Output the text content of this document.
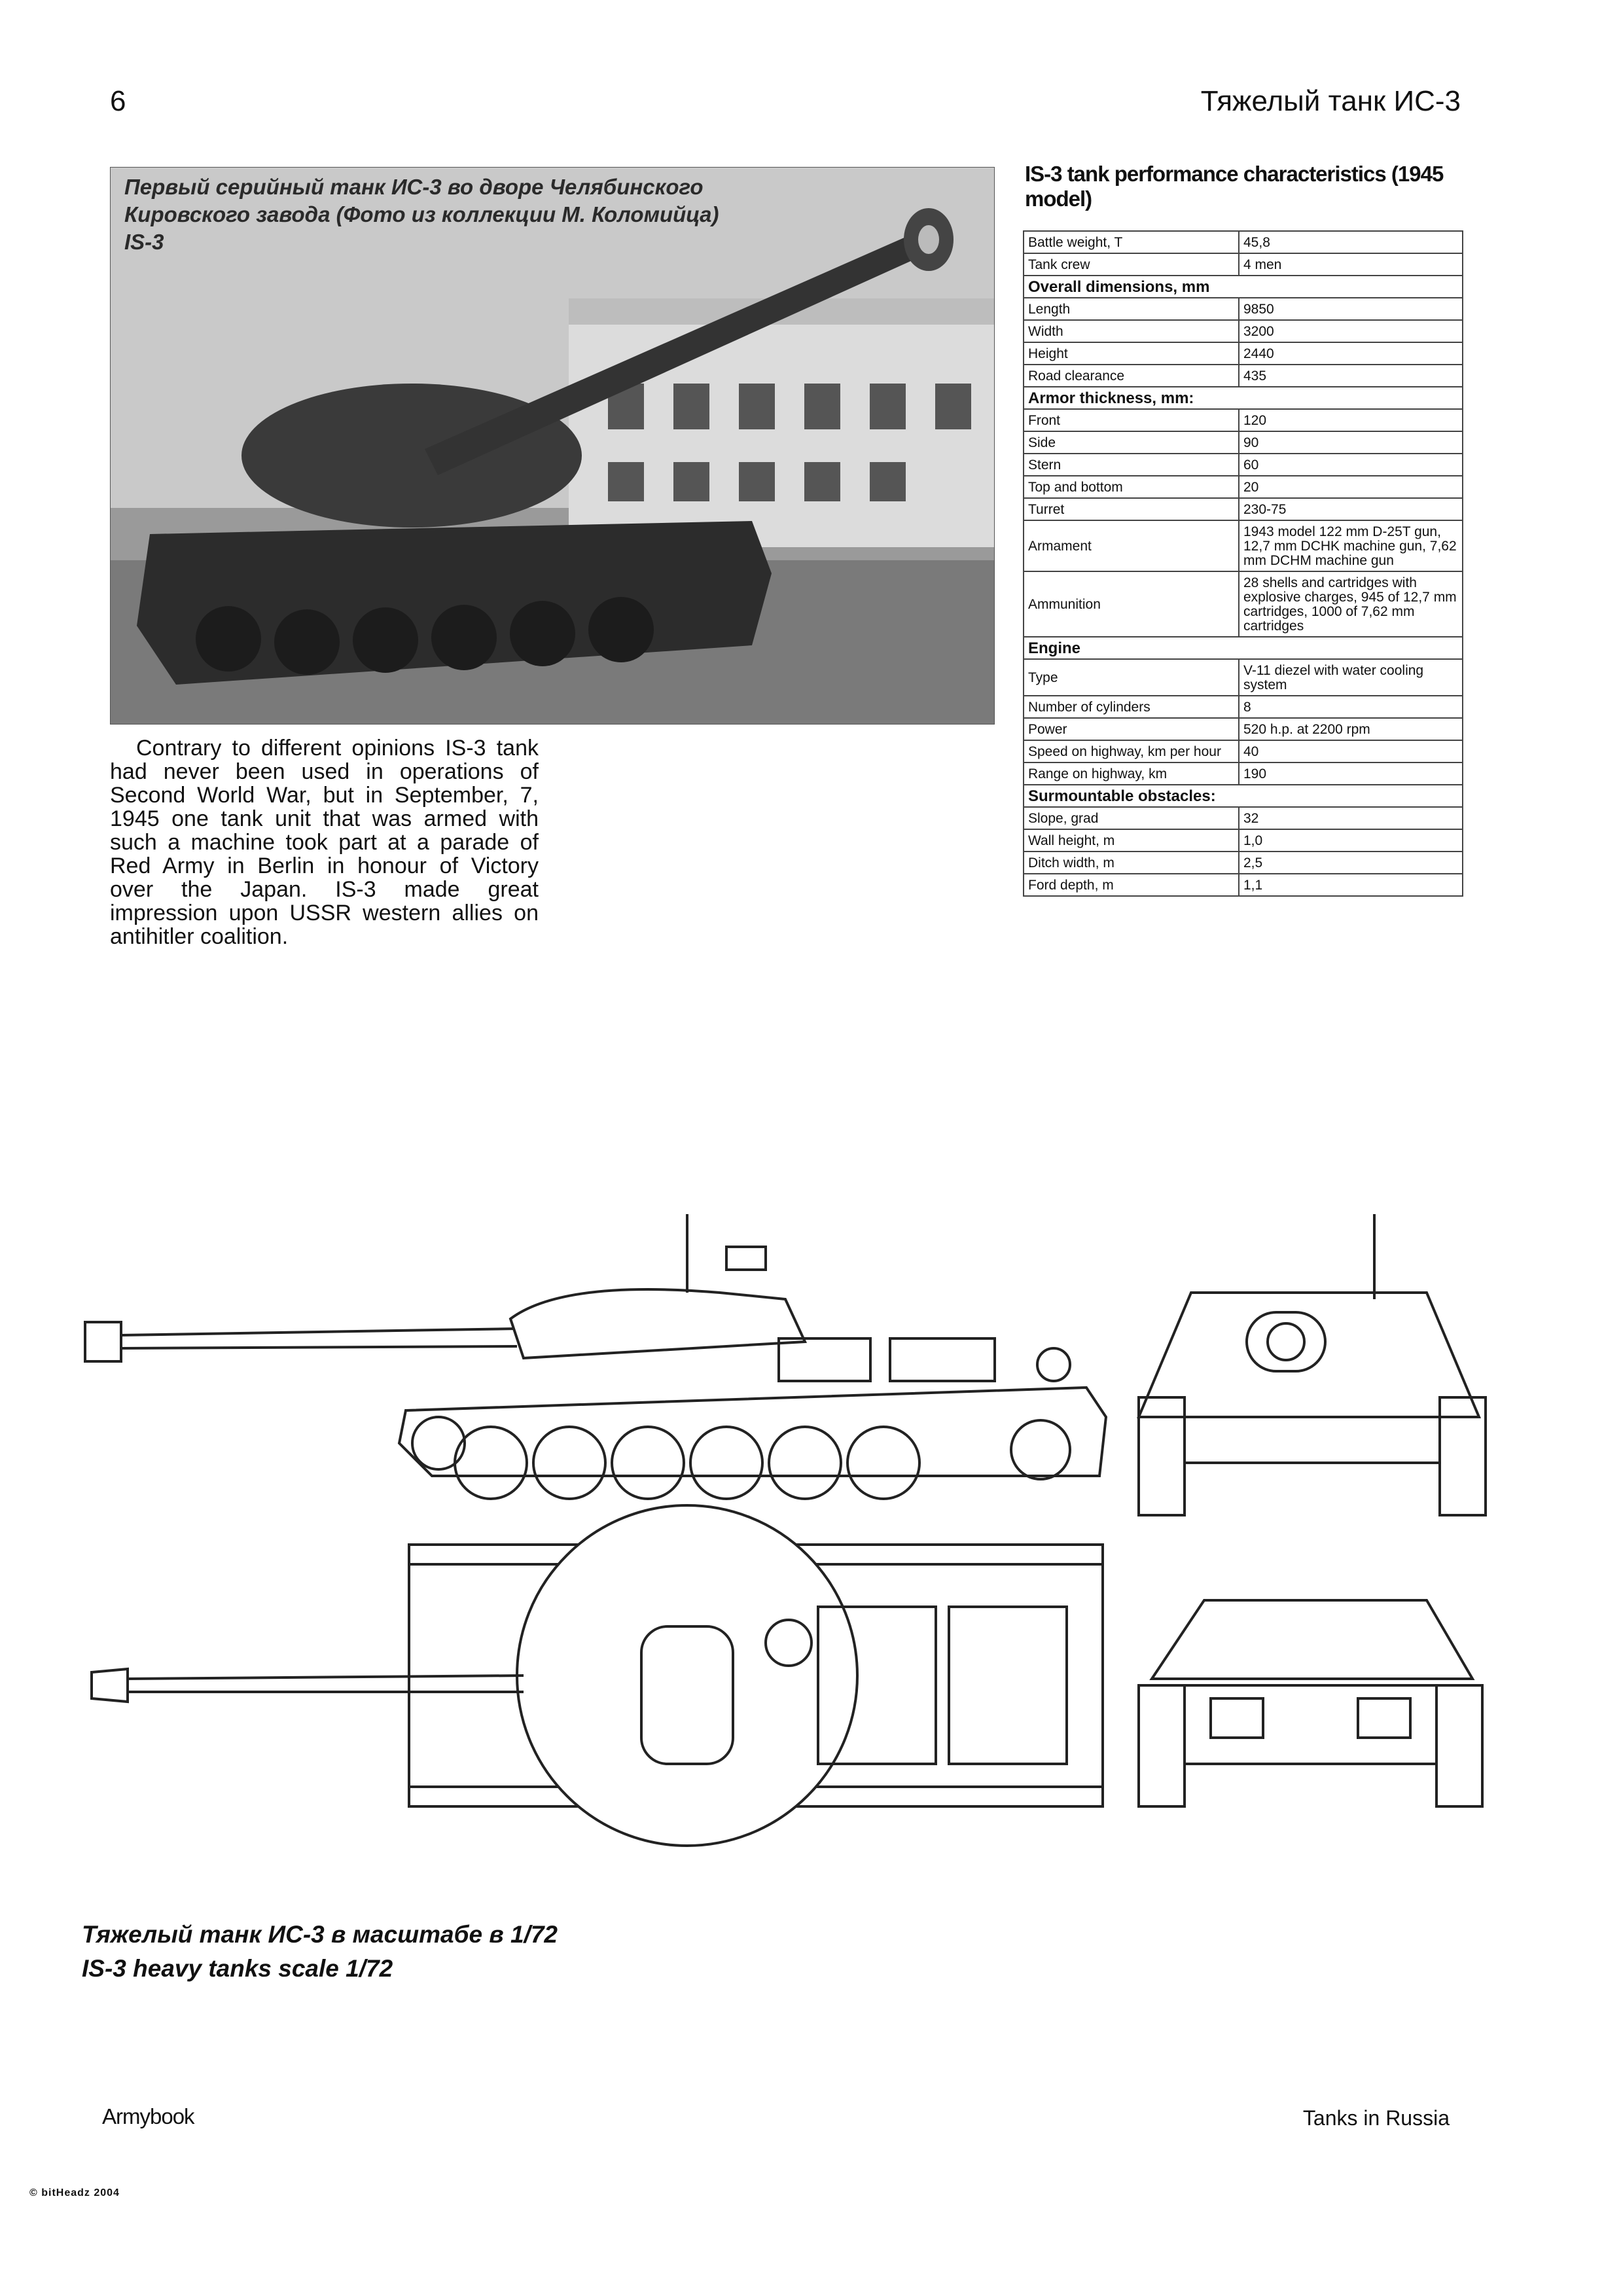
6	Тяжелый танк ИС-3
Первый серийный танк ИС-3 во дворе Челябинского
Кировского завода (Фото из коллекции М. Коломийца)
IS-3
Contrary to different opinions IS-3 tank had never been used in operations of Second World War, but in September, 7, 1945 one tank unit that was armed with such a machine took part at a parade of Red Army in Berlin in honour of Victory over the Japan. IS-3 made great impression upon USSR western allies on antihitler coalition.
IS-3 tank performance characteristics (1945 model)
Battle weight, T	45,8
Tank crew	4 men
Overall dimensions, mm	
Length	9850
Width	3200
Height	2440
Road clearance	435
Armor thickness, mm:	
Front	120
Side	90
Stern	60
Top and bottom	20
Turret	230-75
Armament	1943 model 122 mm D-25T gun, 12,7 mm DCHK machine gun, 7,62 mm DCHM machine gun
Ammunition	28 shells and cartridges with explosive charges, 945 of 12,7 mm cartridges, 1000 of 7,62 mm cartridges
Engine	
Type	V-11 diezel with water cooling system
Number of cylinders	8
Power	520 h.p. at 2200 rpm
Speed on highway, km per hour	40
Range on highway, km	190
Surmountable obstacles:	
Slope, grad	32
Wall height, m	1,0
Ditch width, m	2,5
Ford depth, m	1,1
Тяжелый танк ИС-3 в масштабе в 1/72
IS-3 heavy tanks scale 1/72
Armybook	Tanks in Russia
© bitHeadz 2004
